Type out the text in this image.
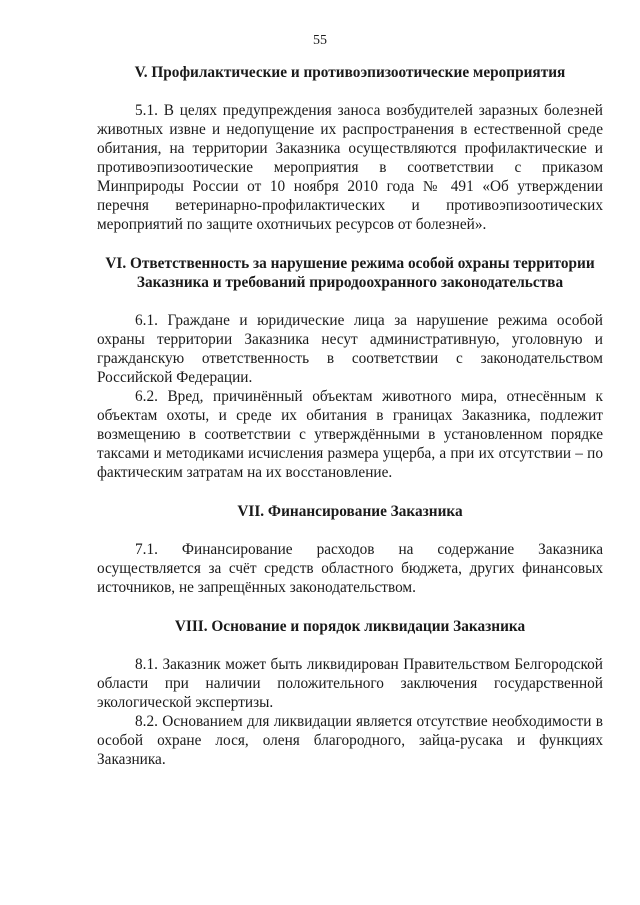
55

V. Профилактические и противоэпизоотические мероприятия

5.1. В целях предупреждения заноса возбудителей заразных болезней животных извне и недопущение их распространения в естественной среде обитания, на территории Заказника осуществляются профилактические и противоэпизоотические мероприятия в соответствии с приказом Минприроды России от 10 ноября 2010 года № 491 «Об утверждении перечня ветеринарно-профилактических и противоэпизоотических мероприятий по защите охотничьих ресурсов от болезней».

VI. Ответственность за нарушение режима особой охраны территории
Заказника и требований природоохранного законодательства

6.1. Граждане и юридические лица за нарушение режима особой охраны территории Заказника несут административную, уголовную и гражданскую ответственность в соответствии с законодательством Российской Федерации.

6.2. Вред, причинённый объектам животного мира, отнесённым к объектам охоты, и среде их обитания в границах Заказника, подлежит возмещению в соответствии с утверждёнными в установленном порядке таксами и методиками исчисления размера ущерба, а при их отсутствии – по фактическим затратам на их восстановление.

VII. Финансирование Заказника

7.1. Финансирование расходов на содержание Заказника осуществляется за счёт средств областного бюджета, других финансовых источников, не запрещённых законодательством.

VIII. Основание и порядок ликвидации Заказника

8.1. Заказник может быть ликвидирован Правительством Белгородской области при наличии положительного заключения государственной экологической экспертизы.

8.2. Основанием для ликвидации является отсутствие необходимости в особой охране лося, оленя благородного, зайца-русака и функциях Заказника.
